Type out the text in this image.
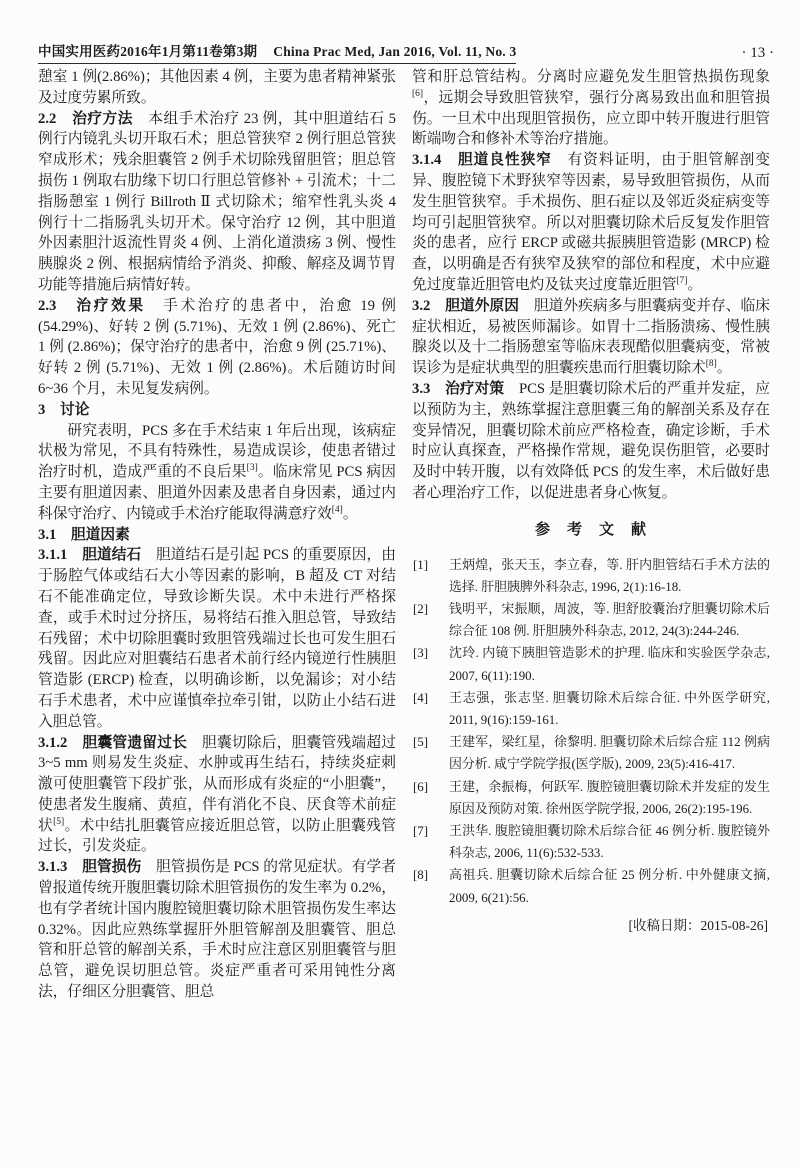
中国实用医药2016年1月第11卷第3期 China Prac Med, Jan 2016, Vol. 11, No. 3	· 13 ·
憩室 1 例(2.86%)；其他因素 4 例，主要为患者精神紧张及过度劳累所致。
2.2　治疗方法　本组手术治疗 23 例，其中胆道结石 5 例行内镜乳头切开取石术；胆总管狭窄 2 例行胆总管狭窄成形术；残余胆囊管 2 例手术切除残留胆管；胆总管损伤 1 例取右肋缘下切口行胆总管修补 + 引流术；十二指肠憩室 1 例行 Billroth Ⅱ 式切除术；缩窄性乳头炎 4 例行十二指肠乳头切开术。保守治疗 12 例，其中胆道外因素胆汁返流性胃炎 4 例、上消化道溃疡 3 例、慢性胰腺炎 2 例、根据病情给予消炎、抑酸、解痉及调节胃功能等措施后病情好转。
2.3　治疗效果　手术治疗的患者中，治愈 19 例 (54.29%)、好转 2 例 (5.71%)、无效 1 例 (2.86%)、死亡 1 例 (2.86%)；保守治疗的患者中，治愈 9 例 (25.71%)、好转 2 例 (5.71%)、无效 1 例 (2.86%)。术后随访时间 6~36 个月，未见复发病例。
3　讨论
研究表明，PCS 多在手术结束 1 年后出现，该病症状极为常见，不具有特殊性，易造成误诊，使患者错过治疗时机，造成严重的不良后果[3]。临床常见 PCS 病因主要有胆道因素、胆道外因素及患者自身因素，通过内科保守治疗、内镜或手术治疗能取得满意疗效[4]。
3.1　胆道因素
3.1.1　胆道结石　胆道结石是引起 PCS 的重要原因，由于肠腔气体或结石大小等因素的影响，B 超及 CT 对结石不能准确定位，导致诊断失误。术中未进行严格探查，或手术时过分挤压，易将结石推入胆总管，导致结石残留；术中切除胆囊时致胆管残端过长也可发生胆石残留。因此应对胆囊结石患者术前行经内镜逆行性胰胆管造影 (ERCP) 检查，以明确诊断，以免漏诊；对小结石手术患者，术中应谨慎牵拉牵引钳，以防止小结石进入胆总管。
3.1.2　胆囊管遗留过长　胆囊切除后，胆囊管残端超过 3~5 mm 则易发生炎症、水肿或再生结石，持续炎症刺激可使胆囊管下段扩张，从而形成有炎症的“小胆囊”，使患者发生腹痛、黄疸，伴有消化不良、厌食等术前症状[5]。术中结扎胆囊管应接近胆总管，以防止胆囊残管过长，引发炎症。
3.1.3　胆管损伤　胆管损伤是 PCS 的常见症状。有学者曾报道传统开腹胆囊切除术胆管损伤的发生率为 0.2%，也有学者统计国内腹腔镜胆囊切除术胆管损伤发生率达 0.32%。因此应熟练掌握肝外胆管解剖及胆囊管、胆总管和肝总管的解剖关系，手术时应注意区别胆囊管与胆总管，避免误切胆总管。炎症严重者可采用钝性分离法，仔细区分胆囊管、胆总
管和肝总管结构。分离时应避免发生胆管热损伤现象[6]，远期会导致胆管狭窄，强行分离易致出血和胆管损伤。一旦术中出现胆管损伤，应立即中转开腹进行胆管断端吻合和修补术等治疗措施。
3.1.4　胆道良性狭窄　有资料证明，由于胆管解剖变异、腹腔镜下术野狭窄等因素，易导致胆管损伤，从而发生胆管狭窄。手术损伤、胆石症以及邻近炎症病变等均可引起胆管狭窄。所以对胆囊切除术后反复发作胆管炎的患者，应行 ERCP 或磁共振胰胆管造影 (MRCP) 检查，以明确是否有狭窄及狭窄的部位和程度，术中应避免过度靠近胆管电灼及钛夹过度靠近胆管[7]。
3.2　胆道外原因　胆道外疾病多与胆囊病变并存、临床症状相近，易被医师漏诊。如胃十二指肠溃疡、慢性胰腺炎以及十二指肠憩室等临床表现酷似胆囊病变，常被误诊为是症状典型的胆囊疾患而行胆囊切除术[8]。
3.3　治疗对策　PCS 是胆囊切除术后的严重并发症，应以预防为主，熟练掌握注意胆囊三角的解剖关系及存在变异情况，胆囊切除术前应严格检查，确定诊断，手术时应认真探查，严格操作常规，避免误伤胆管，必要时及时中转开腹，以有效降低 PCS 的发生率，术后做好患者心理治疗工作，以促进患者身心恢复。
参　考　文　献
[1] 王炳煌，张天玉，李立春，等. 肝内胆管结石手术方法的选择. 肝胆胰脾外科杂志, 1996, 2(1):16-18.
[2] 钱明平，宋振顺，周波，等. 胆舒胶囊治疗胆囊切除术后综合征 108 例. 肝胆胰外科杂志, 2012, 24(3):244-246.
[3] 沈玲. 内镜下胰胆管造影术的护理. 临床和实验医学杂志, 2007, 6(11):190.
[4] 王志强，张志坚. 胆囊切除术后综合征. 中外医学研究, 2011, 9(16):159-161.
[5] 王建军，梁红星，徐黎明. 胆囊切除术后综合症 112 例病因分析. 咸宁学院学报(医学版), 2009, 23(5):416-417.
[6] 王建，余振梅，何跃军. 腹腔镜胆囊切除术并发症的发生原因及预防对策. 徐州医学院学报, 2006, 26(2):195-196.
[7] 王洪华. 腹腔镜胆囊切除术后综合征 46 例分析. 腹腔镜外科杂志, 2006, 11(6):532-533.
[8] 高祖兵. 胆囊切除术后综合征 25 例分析. 中外健康文摘, 2009, 6(21):56.
[收稿日期：2015-08-26]
